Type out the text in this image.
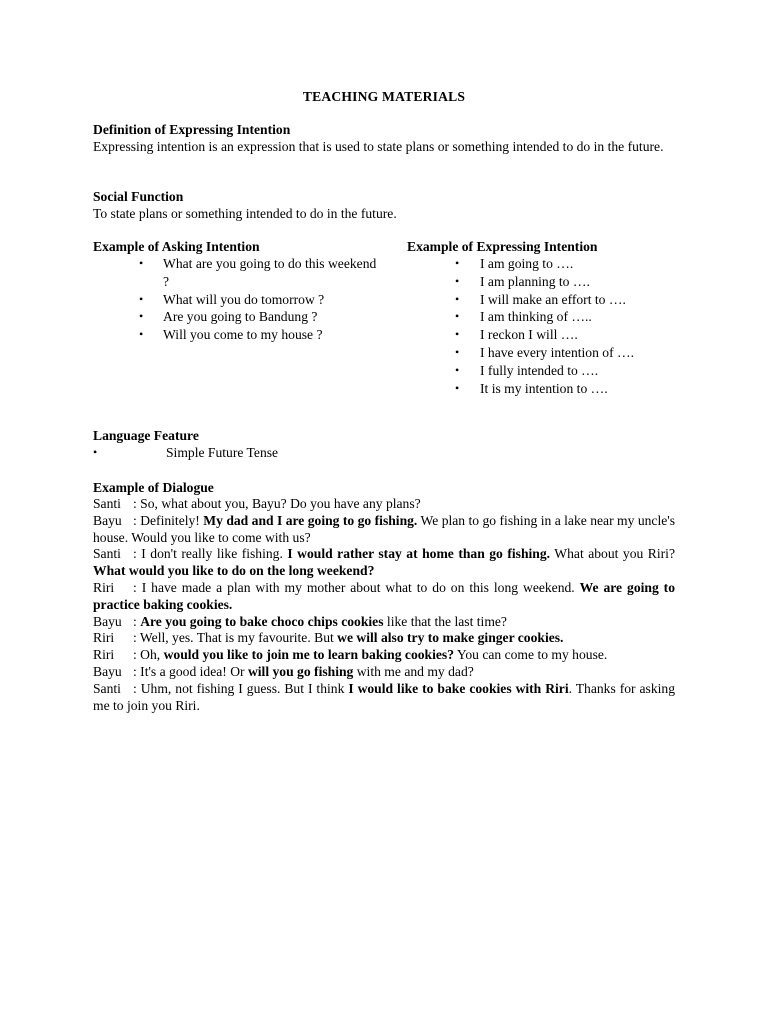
TEACHING MATERIALS
Definition of Expressing Intention
Expressing intention is an expression that is used to state plans or something intended to do in the future.
Social Function
To state plans or something intended to do in the future.
Example of Asking Intention
• What are you going to do this weekend ?
• What will you do tomorrow ?
• Are you going to Bandung ?
• Will you come to my house ?
Example of Expressing Intention
• I am going to ….
• I am planning to ….
• I will make an effort to ….
• I am thinking of …..
• I reckon I will ….
• I have every intention of ….
• I fully intended to ….
• It is my intention to ….
Language Feature
•	Simple Future Tense
Example of Dialogue
Santi : So, what about you, Bayu? Do you have any plans?
Bayu : Definitely! My dad and I are going to go fishing. We plan to go fishing in a lake near my uncle's house. Would you like to come with us?
Santi : I don't really like fishing. I would rather stay at home than go fishing. What about you Riri? What would you like to do on the long weekend?
Riri : I have made a plan with my mother about what to do on this long weekend. We are going to practice baking cookies.
Bayu : Are you going to bake choco chips cookies like that the last time?
Riri : Well, yes. That is my favourite. But we will also try to make ginger cookies.
Riri : Oh, would you like to join me to learn baking cookies? You can come to my house.
Bayu : It's a good idea! Or will you go fishing with me and my dad?
Santi : Uhm, not fishing I guess. But I think I would like to bake cookies with Riri. Thanks for asking me to join you Riri.
